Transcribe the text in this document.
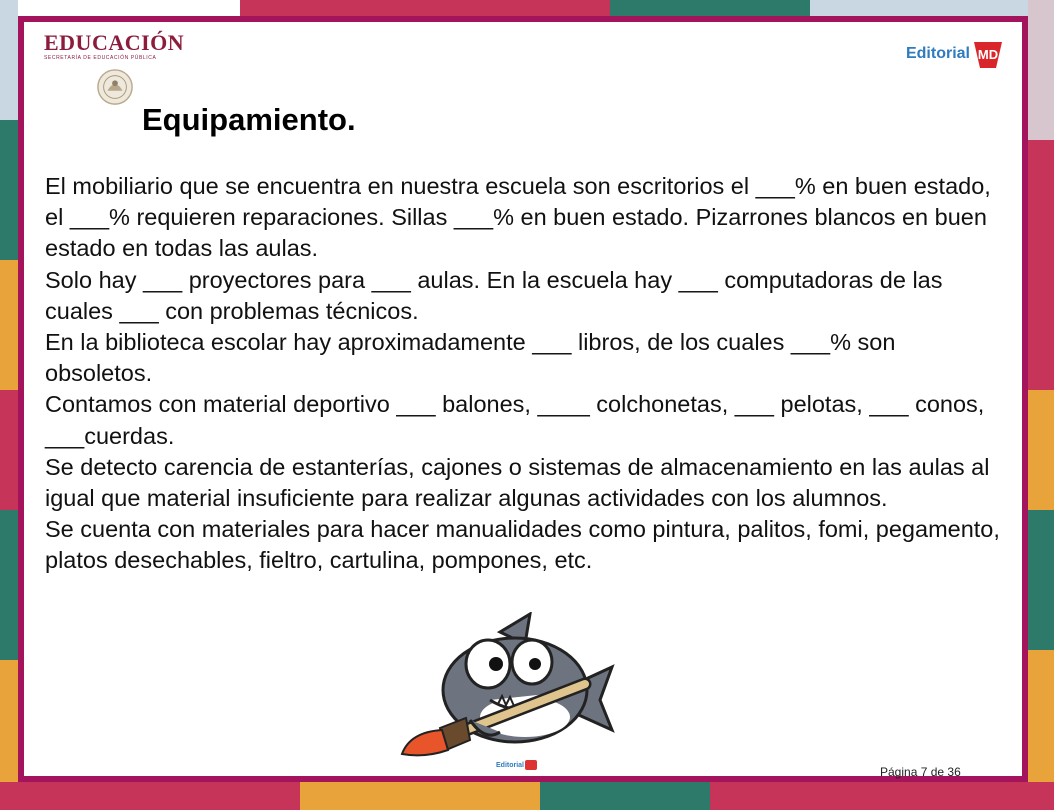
EDUCACIÓN
SECRETARÍA DE EDUCACIÓN PÚBLICA	Editorial MD
Equipamiento.

El mobiliario que se encuentra en nuestra escuela son escritorios el ___% en buen estado, el ___% requieren reparaciones. Sillas ___% en buen estado. Pizarrones blancos en buen estado en todas las aulas.

Solo hay ___ proyectores para ___ aulas. En la escuela hay ___ computadoras de las cuales ___ con problemas técnicos.

En la biblioteca escolar hay aproximadamente ___ libros, de los cuales ___% son obsoletos.

Contamos con material deportivo ___ balones, ____ colchonetas, ___ pelotas, ___ conos, ___cuerdas.

Se detecto carencia de estanterías, cajones o sistemas de almacenamiento en las aulas al igual que material insuficiente para realizar algunas actividades con los alumnos.

Se cuenta con materiales para hacer manualidades como pintura, palitos, fomi, pegamento, platos desechables, fieltro, cartulina, pompones, etc.

Editorial	Página 7 de 36
